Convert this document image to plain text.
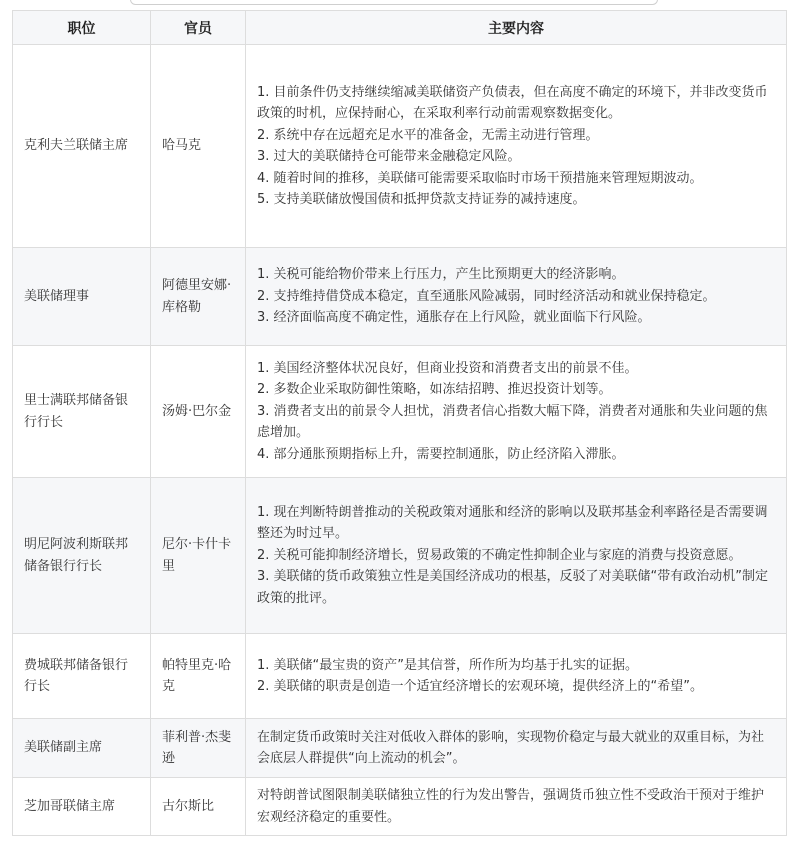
职位	官员	主要内容
克利夫兰联储主席	哈马克	1. 目前条件仍支持继续缩减美联储资产负债表，但在高度不确定的环境下，并非改变货币政策的时机，应保持耐心，在采取利率行动前需观察数据变化。
2. 系统中存在远超充足水平的准备金，无需主动进行管理。
3. 过大的美联储持仓可能带来金融稳定风险。
4. 随着时间的推移，美联储可能需要采取临时市场干预措施来管理短期波动。
5. 支持美联储放慢国债和抵押贷款支持证券的减持速度。

美联储理事	阿德里安娜·库格勒	1. 关税可能给物价带来上行压力，产生比预期更大的经济影响。
2. 支持维持借贷成本稳定，直至通胀风险减弱，同时经济活动和就业保持稳定。
3. 经济面临高度不确定性，通胀存在上行风险，就业面临下行风险。

里士满联邦储备银行行长	汤姆·巴尔金	1. 美国经济整体状况良好，但商业投资和消费者支出的前景不佳。
2. 多数企业采取防御性策略，如冻结招聘、推迟投资计划等。
3. 消费者支出的前景令人担忧，消费者信心指数大幅下降，消费者对通胀和失业问题的焦虑增加。
4. 部分通胀预期指标上升，需要控制通胀，防止经济陷入滞胀。

明尼阿波利斯联邦储备银行行长	尼尔·卡什卡里	1. 现在判断特朗普推动的关税政策对通胀和经济的影响以及联邦基金利率路径是否需要调整还为时过早。
2. 关税可能抑制经济增长，贸易政策的不确定性抑制企业与家庭的消费与投资意愿。
3. 美联储的货币政策独立性是美国经济成功的根基，反驳了对美联储“带有政治动机”制定政策的批评。

费城联邦储备银行行长	帕特里克·哈克	1. 美联储“最宝贵的资产”是其信誉，所作所为均基于扎实的证据。
2. 美联储的职责是创造一个适宜经济增长的宏观环境，提供经济上的“希望”。

美联储副主席	菲利普·杰斐逊	在制定货币政策时关注对低收入群体的影响，实现物价稳定与最大就业的双重目标，为社会底层人群提供“向上流动的机会”。

芝加哥联储主席	古尔斯比	对特朗普试图限制美联储独立性的行为发出警告，强调货币独立性不受政治干预对于维护宏观经济稳定的重要性。
